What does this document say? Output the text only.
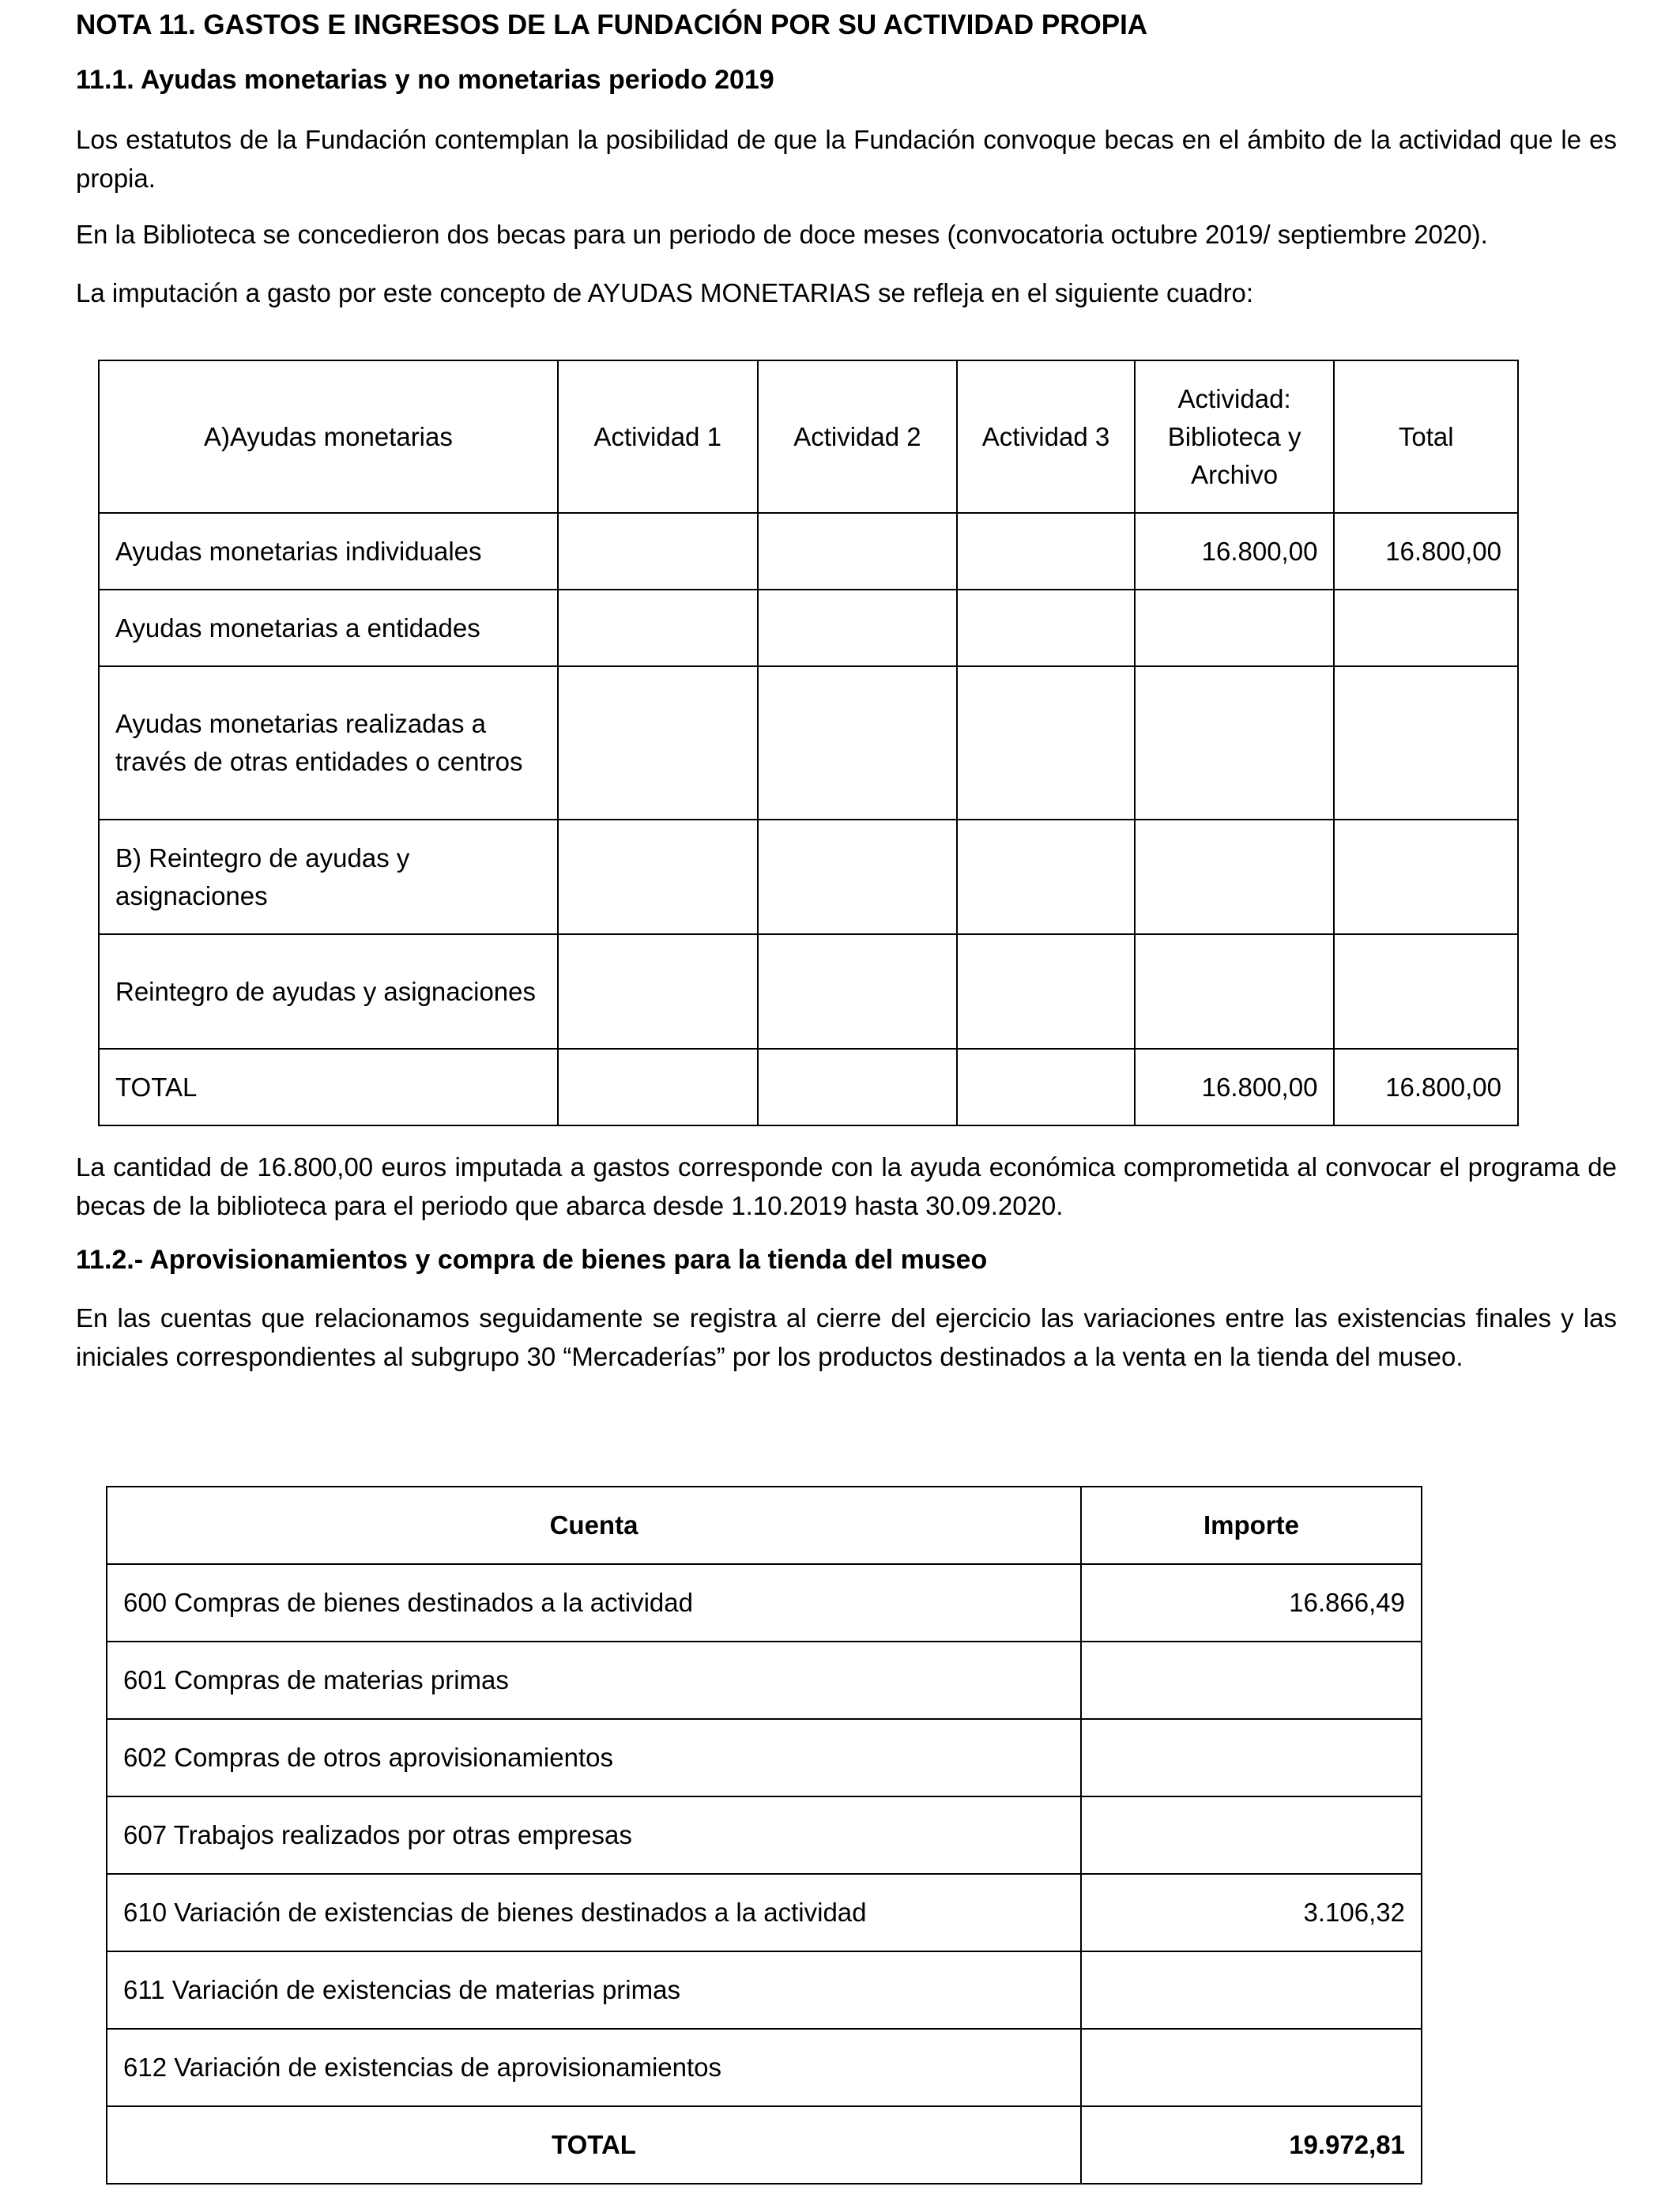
NOTA 11. GASTOS E INGRESOS DE LA FUNDACIÓN POR SU ACTIVIDAD PROPIA

11.1. Ayudas monetarias y no monetarias periodo 2019

Los estatutos de la Fundación contemplan la posibilidad de que la Fundación convoque becas en el ámbito de la actividad que le es propia.

En la Biblioteca se concedieron dos becas para un periodo de doce meses (convocatoria octubre 2019/ septiembre 2020).

La imputación a gasto por este concepto de AYUDAS MONETARIAS se refleja en el siguiente cuadro:

A)Ayudas monetarias	Actividad 1	Actividad 2	Actividad 3	Actividad: Biblioteca y Archivo	Total
Ayudas monetarias individuales				16.800,00	16.800,00
Ayudas monetarias a entidades					
Ayudas monetarias realizadas a través de otras entidades o centros					
B) Reintegro de ayudas y asignaciones					
Reintegro de ayudas y asignaciones					
TOTAL				16.800,00	16.800,00

La cantidad de 16.800,00 euros imputada a gastos corresponde con la ayuda económica comprometida al convocar el programa de becas de la biblioteca para el periodo que abarca desde 1.10.2019 hasta 30.09.2020.

11.2.- Aprovisionamientos y compra de bienes para la tienda del museo

En las cuentas que relacionamos seguidamente se registra al cierre del ejercicio las variaciones entre las existencias finales y las iniciales correspondientes al subgrupo 30 “Mercaderías” por los productos destinados a la venta en la tienda del museo.

Cuenta	Importe
600 Compras de bienes destinados a la actividad	16.866,49
601 Compras de materias primas	
602 Compras de otros aprovisionamientos	
607 Trabajos realizados por otras empresas	
610 Variación de existencias de bienes destinados a la actividad	3.106,32
611 Variación de existencias de materias primas	
612 Variación de existencias de aprovisionamientos	
TOTAL	19.972,81
